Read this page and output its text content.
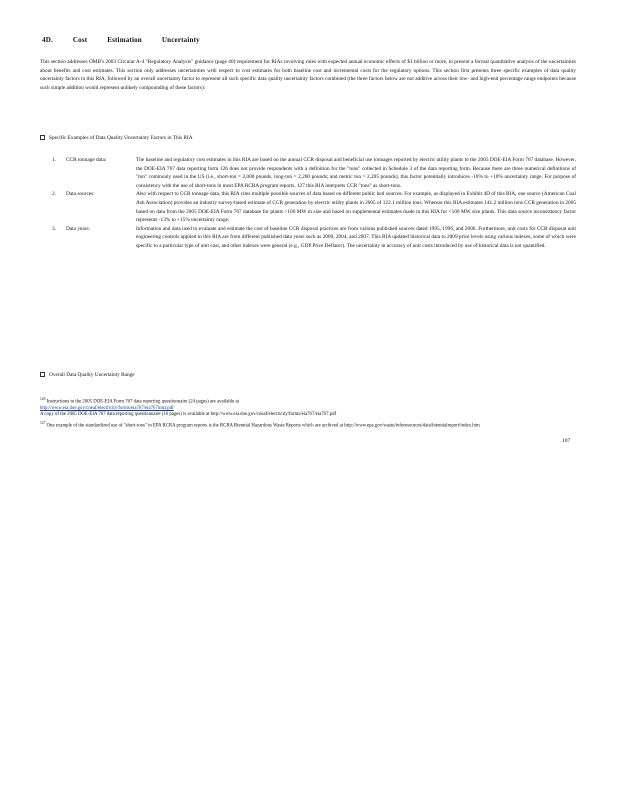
4D.	Cost	Estimation	Uncertainty
This section addresses OMB's 2003 Circular A-4 "Regulatory Analysis" guidance (page 40) requirement for RIAs involving rules with expected annual economic effects of $1 billion or more, to present a formal quantitative analysis of the uncertainties about benefits and cost estimates. This section only addresses uncertainties with respect to cost estimates for both baseline cost and incremental costs for the regulatory options. This section first presents three specific examples of data quality uncertainty factors in this RIA, followed by an overall uncertainty factor to represent all such specific data quality uncertainty factors combined (the three factors below are not additive across their low- and high-end percentage range endpoints because such simple addition would represent unlikely compounding of these factors):
Specific Examples of Data Quality Uncertainty Factors in This RIA
1.	CCR tonnage data:	The baseline and regulatory cost estimates in this RIA are based on the annual CCR disposal and beneficial use tonnages reported by electric utility plants to the 2005 DOE-EIA Form 767 database. However, the DOE-EIA 767 data reporting form 126 does not provide respondents with a definition for the "tons" collected in Schedule 3 of the data reporting form. Because there are three numerical definitions of "ton" commonly used in the US (i.e., short-ton = 2,000 pounds, long-ton = 2,200 pounds; and metric ton = 2,205 pounds), this factor potentially introduces -10% to +10% uncertainty range. For purpose of consistency with the use of short-tons in most EPA RCRA program reports, 127 this RIA interprets CCR "tons" as short-tons.
2.	Data sources:	Also with respect to CCR tonnage data, this RIA cites multiple possible sources of data based on different public hed sources. For example, as displayed in Exhibit 4D of this RIA, one source (American Coal Ash Association) provides an industry survey-based estimate of CCR generation by electric utility plants in 2005 of 122.1 million tons. Whereas this RIA estimates 141.2 million tons CCR generation in 2005 based on data from the 2005 DOE-EIA Form 767 database for plants >100 MW in size and based on supplemental estimates made in this RIA for <100 MW size plants. This data source inconsistency factor represents -13% to +15% uncertainty range.
3.	Data years:	Information and data used to evaluate and estimate the cost of baseline CCR disposal practices are from various published sources dated 1995, 1996, and 2006. Furthermore, unit costs for CCR disposal unit engineering controls applied in this RIA are from different published data years such as 2000, 2004, and 2007. This RIA updated historical data to 2009 price levels using various indexes, some of which were specific to a particular type of unit cost, and other indexes were general (e.g., GDP Price Deflator). The uncertainty in accuracy of unit costs introduced by use of historical data is not quantified.
Overall Data Quality Uncertainty Range
$^{126}$ Instructions to the 2005 DOE-EIA Form 767 data reporting questionnaire (24 pages) are available at
http://www.eia.doe.gov/cneaf/electricity/forms/eia767/eia767instr.pdf
A copy of the 2005 DOE-EIA 767 data reporting questionnaire (16 pages) is available at http://www.eia.doe.gov/cneaf/electricity/forms/eia767/eia767.pdf
$^{127}$ One example of the standardized use of "short-tons" in EPA RCRA program reports is the RCRA Biennial Hazardous Waste Reports which are archived at http://www.epa.gov/waste/inforesources/data/biennialreport/index.htm
107
